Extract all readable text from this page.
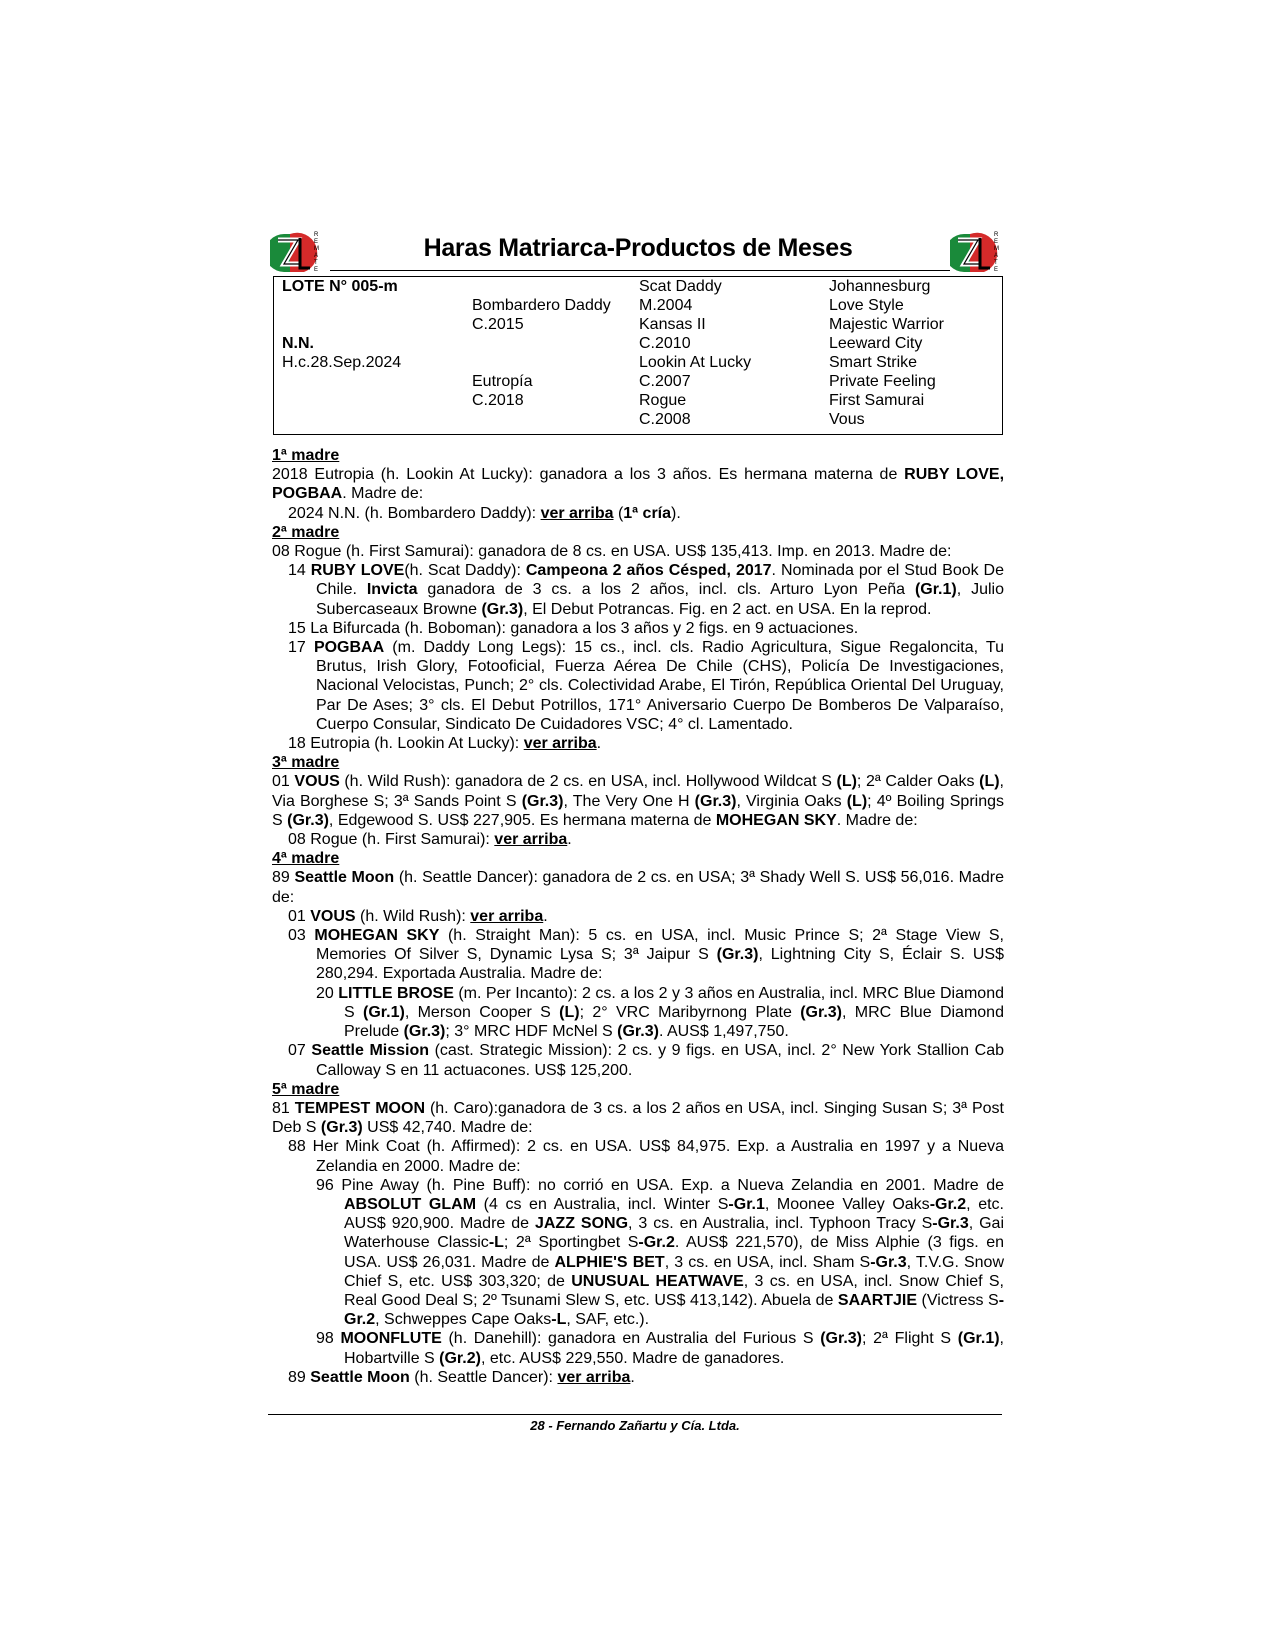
R
E
M
A
T
E
R
E
M
A
T
E
Haras Matriarca-Productos de Meses
LOTE N° 005-m
N.N.
H.c.28.Sep.2024
Bombardero Daddy
C.2015
Eutropía
C.2018
Scat Daddy
M.2004
Kansas II
C.2010
Lookin At Lucky
C.2007
Rogue
C.2008
Johannesburg
Love Style
Majestic Warrior
Leeward City
Smart Strike
Private Feeling
First Samurai
Vous

1ª madre

2018 Eutropia (h. Lookin At Lucky): ganadora a los 3 años. Es hermana materna de RUBY LOVE, POGBAA. Madre de:

2024 N.N. (h. Bombardero Daddy): ver arriba (1ª cría).

2ª madre

08 Rogue (h. First Samurai): ganadora de 8 cs. en USA. US$ 135,413. Imp. en 2013. Madre de:

14 RUBY LOVE(h. Scat Daddy): Campeona 2 años Césped, 2017. Nominada por el Stud Book De Chile. Invicta ganadora de 3 cs. a los 2 años, incl. cls. Arturo Lyon Peña (Gr.1), Julio Subercaseaux Browne (Gr.3), El Debut Potrancas. Fig. en 2 act. en USA. En la reprod.

15 La Bifurcada (h. Boboman): ganadora a los 3 años y 2 figs. en 9 actuaciones.

17 POGBAA (m. Daddy Long Legs): 15 cs., incl. cls. Radio Agricultura, Sigue Regaloncita, Tu Brutus, Irish Glory, Fotooficial, Fuerza Aérea De Chile (CHS), Policía De Investigaciones, Nacional Velocistas, Punch; 2° cls. Colectividad Arabe, El Tirón, República Oriental Del Uruguay, Par De Ases; 3° cls. El Debut Potrillos, 171° Aniversario Cuerpo De Bomberos De Valparaíso, Cuerpo Consular, Sindicato De Cuidadores VSC; 4° cl. Lamentado.

18 Eutropia (h. Lookin At Lucky): ver arriba.

3ª madre

01 VOUS (h. Wild Rush): ganadora de 2 cs. en USA, incl. Hollywood Wildcat S (L); 2ª Calder Oaks (L), Via Borghese S; 3ª Sands Point S (Gr.3), The Very One H (Gr.3), Virginia Oaks (L); 4º Boiling Springs S (Gr.3), Edgewood S. US$ 227,905. Es hermana materna de MOHEGAN SKY. Madre de:

08 Rogue (h. First Samurai): ver arriba.

4ª madre

89 Seattle Moon (h. Seattle Dancer): ganadora de 2 cs. en USA; 3ª Shady Well S. US$ 56,016. Madre de:

01 VOUS (h. Wild Rush): ver arriba.

03 MOHEGAN SKY (h. Straight Man): 5 cs. en USA, incl. Music Prince S; 2ª Stage View S, Memories Of Silver S, Dynamic Lysa S; 3ª Jaipur S (Gr.3), Lightning City S, Éclair S. US$ 280,294. Exportada Australia. Madre de:

20 LITTLE BROSE (m. Per Incanto): 2 cs. a los 2 y 3 años en Australia, incl. MRC Blue Diamond S (Gr.1), Merson Cooper S (L); 2° VRC Maribyrnong Plate (Gr.3), MRC Blue Diamond Prelude (Gr.3); 3° MRC HDF McNel S (Gr.3). AUS$ 1,497,750.

07 Seattle Mission (cast. Strategic Mission): 2 cs. y 9 figs. en USA, incl. 2° New York Stallion Cab Calloway S en 11 actuacones. US$ 125,200.

5ª madre

81 TEMPEST MOON (h. Caro):ganadora de 3 cs. a los 2 años en USA, incl. Singing Susan S; 3ª Post Deb S (Gr.3) US$ 42,740. Madre de:

88 Her Mink Coat (h. Affirmed): 2 cs. en USA. US$ 84,975. Exp. a Australia en 1997 y a Nueva Zelandia en 2000. Madre de:

96 Pine Away (h. Pine Buff): no corrió en USA. Exp. a Nueva Zelandia en 2001. Madre de ABSOLUT GLAM (4 cs en Australia, incl. Winter S-Gr.1, Moonee Valley Oaks-Gr.2, etc. AUS$ 920,900. Madre de JAZZ SONG, 3 cs. en Australia, incl. Typhoon Tracy S-Gr.3, Gai Waterhouse Classic-L; 2ª Sportingbet S-Gr.2. AUS$ 221,570), de Miss Alphie (3 figs. en USA. US$ 26,031. Madre de ALPHIE'S BET, 3 cs. en USA, incl. Sham S-Gr.3, T.V.G. Snow Chief S, etc. US$ 303,320; de UNUSUAL HEATWAVE, 3 cs. en USA, incl. Snow Chief S, Real Good Deal S; 2º Tsunami Slew S, etc. US$ 413,142). Abuela de SAARTJIE (Victress S-Gr.2, Schweppes Cape Oaks-L, SAF, etc.).

98 MOONFLUTE (h. Danehill): ganadora en Australia del Furious S (Gr.3); 2ª Flight S (Gr.1), Hobartville S (Gr.2), etc. AUS$ 229,550. Madre de ganadores.

89 Seattle Moon (h. Seattle Dancer): ver arriba.

28 - Fernando Zañartu y Cía. Ltda.
